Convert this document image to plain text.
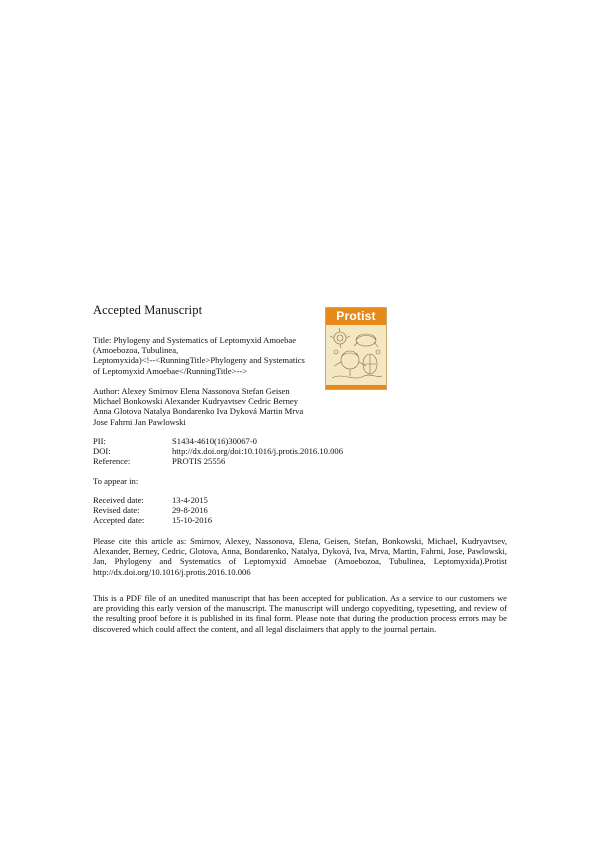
Accepted Manuscript	Protist
Title: Phylogeny and Systematics of Leptomyxid Amoebae
(Amoebozoa, Tubulinea,
Leptomyxida)<!--<RunningTitle>Phylogeny and Systematics
of Leptomyxid Amoebae</RunningTitle>-->
Author: Alexey Smirnov Elena Nassonova Stefan Geisen
Michael Bonkowski Alexander Kudryavtsev Cedric Berney
Anna Glotova Natalya Bondarenko Iva Dyková Martin Mrva
Jose Fahrni Jan Pawlowski
PII:	S1434-4610(16)30067-0
DOI:	http://dx.doi.org/doi:10.1016/j.protis.2016.10.006
Reference:	PROTIS 25556
To appear in:
Received date:	13-4-2015
Revised date:	29-8-2016
Accepted date:	15-10-2016
Please cite this article as: Smirnov, Alexey, Nassonova, Elena, Geisen, Stefan, Bonkowski, Michael, Kudryavtsev, Alexander, Berney, Cedric, Glotova, Anna, Bondarenko, Natalya, Dyková, Iva, Mrva, Martin, Fahrni, Jose, Pawlowski, Jan, Phylogeny and Systematics of Leptomyxid Amoebae (Amoebozoa, Tubulinea, Leptomyxida).Protist http://dx.doi.org/10.1016/j.protis.2016.10.006
This is a PDF file of an unedited manuscript that has been accepted for publication. As a service to our customers we are providing this early version of the manuscript. The manuscript will undergo copyediting, typesetting, and review of the resulting proof before it is published in its final form. Please note that during the production process errors may be discovered which could affect the content, and all legal disclaimers that apply to the journal pertain.
